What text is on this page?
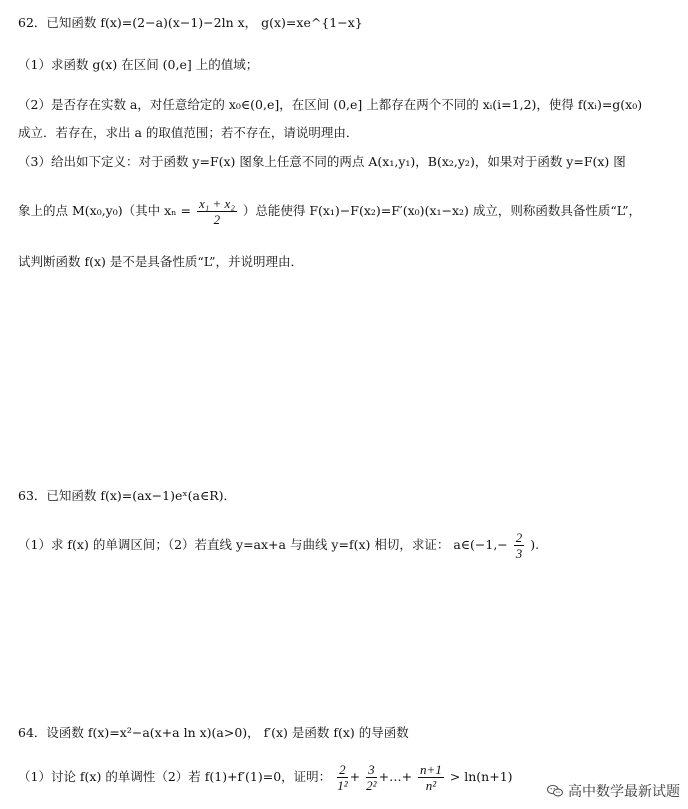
62．已知函数 f(x)=(2−a)(x−1)−2ln x， g(x)=xe^{1−x}
（1）求函数 g(x) 在区间 (0,e] 上的值域；
（2）是否存在实数 a，对任意给定的 x₀∈(0,e]，在区间 (0,e] 上都存在两个不同的 xᵢ(i=1,2)，使得 f(xᵢ)=g(x₀)
成立．若存在，求出 a 的取值范围；若不存在，请说明理由．
（3）给出如下定义：对于函数 y=F(x) 图象上任意不同的两点 A(x₁,y₁)，B(x₂,y₂)，如果对于函数 y=F(x) 图
象上的点 M(x₀,y₀)（其中 $x_n = \frac{\text{x₁ + x₂}}{2}$ ）总能使得 F(x₁)−F(x₂)=F′(x₀)(x₁−x₂) 成立，则称函数具备性质“L”，
试判断函数 f(x) 是不是具备性质“L”，并说明理由．
63．已知函数 f(x)=(ax−1)eˣ(a∈R)．
（1）求 f(x) 的单调区间；（2）若直线 y=ax+a 与曲线 y=f(x) 相切，求证： a∈(−1,− $\frac{2}{3}$ ).
64．设函数 f(x)=x²−a(x+a ln x)(a>0)， f′(x) 是函数 f(x) 的导函数
（1）讨论 f(x) 的单调性（2）若 f(1)+f′(1)=0，证明： $\frac{2}{\text{1²}} + \frac{3}{\text{2²}}$ +…+ $\frac{n+1}{\text{n²}} > \ln(n+1)$
高中数学最新试题
